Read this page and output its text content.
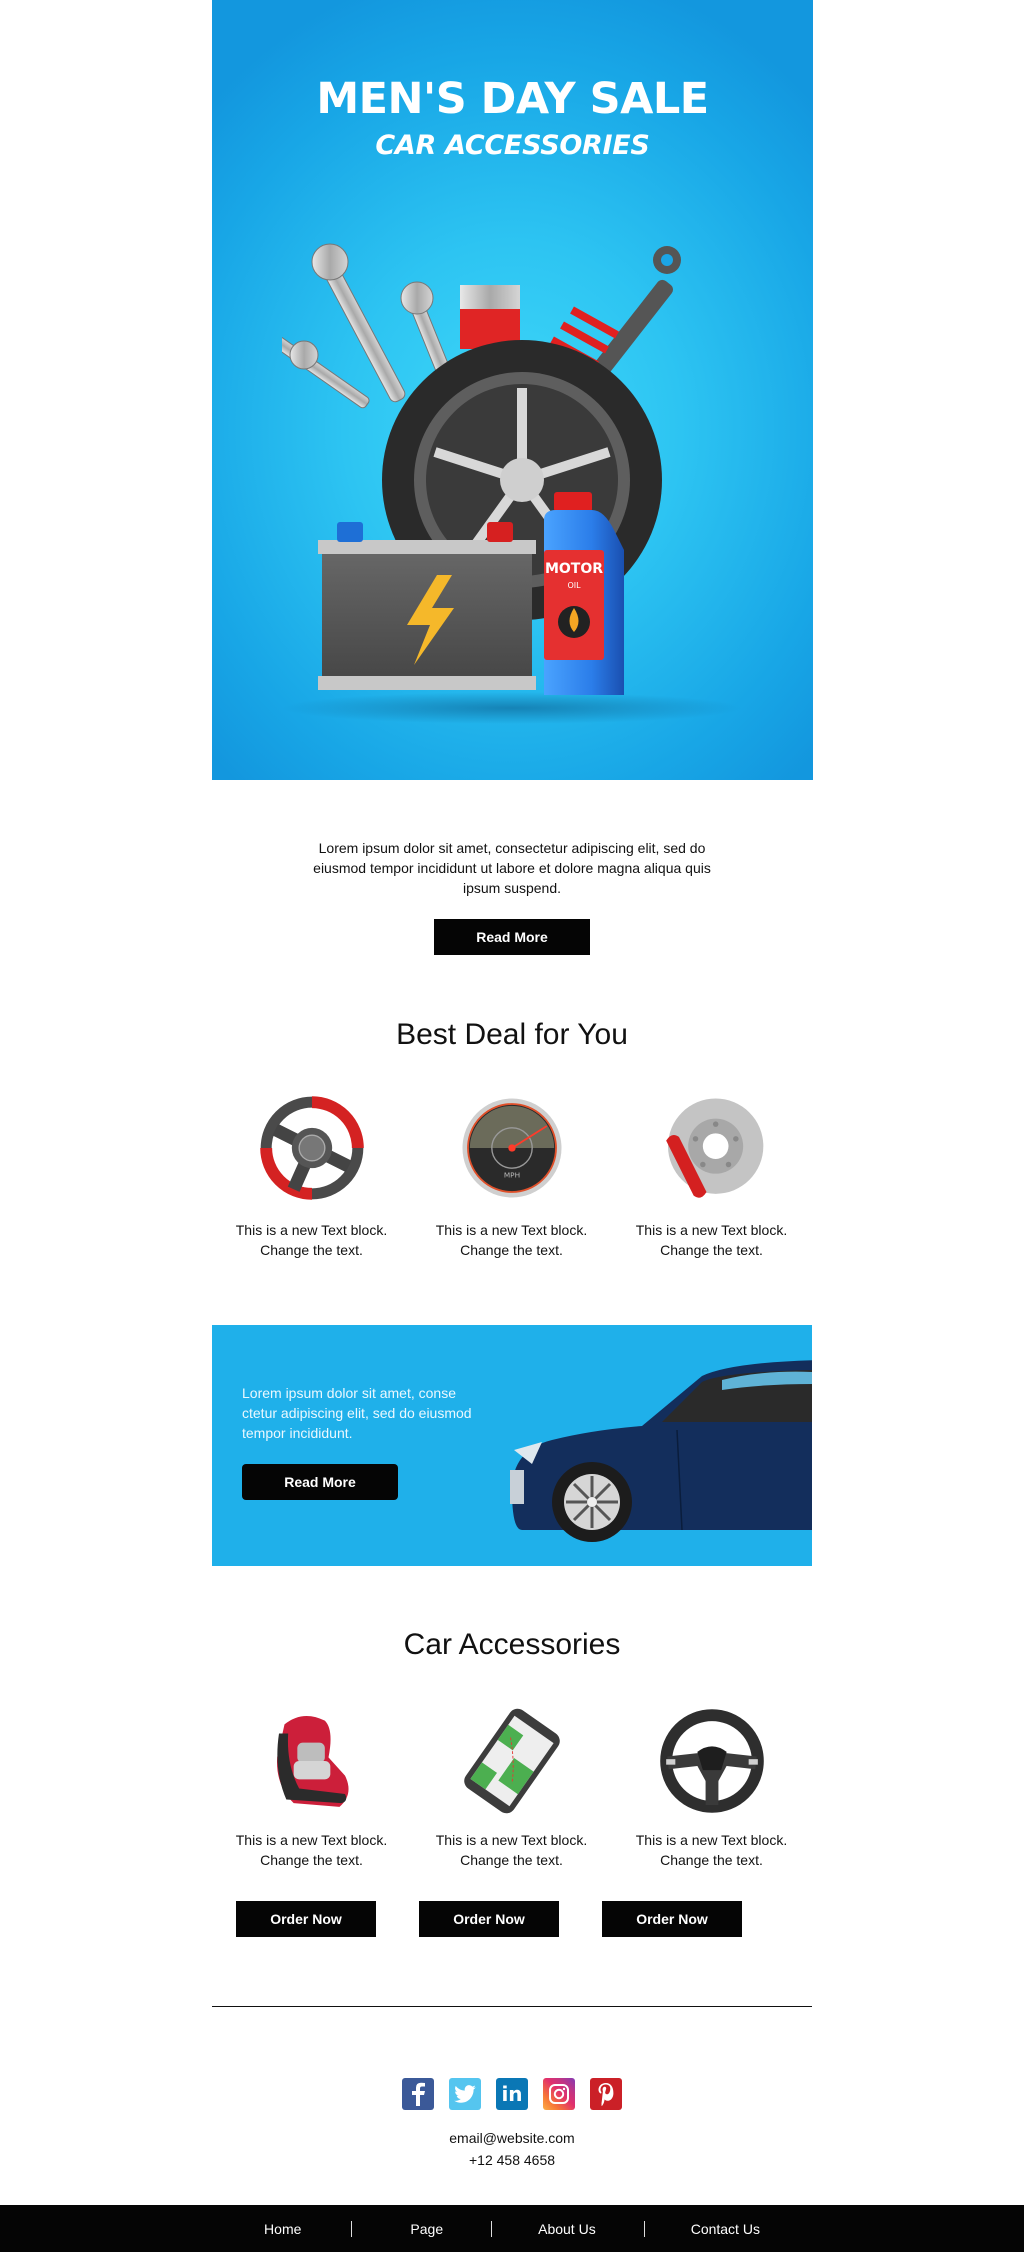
MEN'S DAY SALE
CAR ACCESSORIES
MOTOR
OIL

Lorem ipsum dolor sit amet, consectetur adipiscing elit, sed do eiusmod tempor incididunt ut labore et dolore magna aliqua quis ipsum suspend.

Read More
Best Deal for You

This is a new Text block. Change the text.

MPH

This is a new Text block. Change the text.

This is a new Text block. Change the text.

Lorem ipsum dolor sit amet, conse ctetur adipiscing elit, sed do eiusmod tempor incididunt.

Read More
Car Accessories

This is a new Text block. Change the text.

This is a new Text block. Change the text.

This is a new Text block. Change the text.

Order Now	Order Now	Order Now
in

email@website.com

+12 458 4658

Home	Page	About Us	Contact Us
